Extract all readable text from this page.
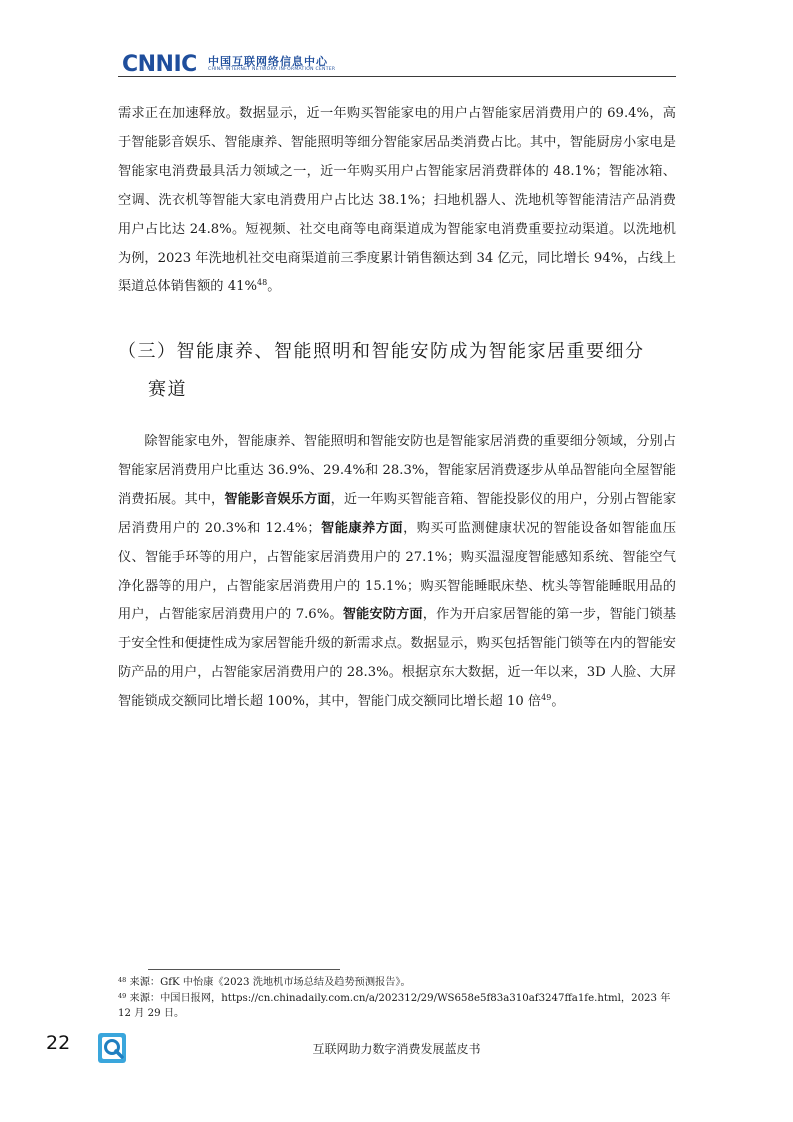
CNNIC 中国互联网络信息中心
CHINA INTERNET NETWORK INFORMATION CENTER

需求正在加速释放。数据显示，近一年购买智能家电的用户占智能家居消费用户的 69.4%，高于智能影音娱乐、智能康养、智能照明等细分智能家居品类消费占比。其中，智能厨房小家电是智能家电消费最具活力领域之一，近一年购买用户占智能家居消费群体的 48.1%；智能冰箱、空调、洗衣机等智能大家电消费用户占比达 38.1%；扫地机器人、洗地机等智能清洁产品消费用户占比达 24.8%。短视频、社交电商等电商渠道成为智能家电消费重要拉动渠道。以洗地机为例，2023 年洗地机社交电商渠道前三季度累计销售额达到 34 亿元，同比增长 94%，占线上渠道总体销售额的 41%$^{48}$。

（三）智能康养、智能照明和智能安防成为智能家居重要细分
赛道

除智能家电外，智能康养、智能照明和智能安防也是智能家居消费的重要细分领域，分别占智能家居消费用户比重达 36.9%、29.4%和 28.3%，智能家居消费逐步从单品智能向全屋智能消费拓展。其中，智能影音娱乐方面，近一年购买智能音箱、智能投影仪的用户，分别占智能家居消费用户的 20.3%和 12.4%；智能康养方面，购买可监测健康状况的智能设备如智能血压仪、智能手环等的用户，占智能家居消费用户的 27.1%；购买温湿度智能感知系统、智能空气净化器等的用户，占智能家居消费用户的 15.1%；购买智能睡眠床垫、枕头等智能睡眠用品的用户，占智能家居消费用户的 7.6%。智能安防方面，作为开启家居智能的第一步，智能门锁基于安全性和便捷性成为家居智能升级的新需求点。数据显示，购买包括智能门锁等在内的智能安防产品的用户，占智能家居消费用户的 28.3%。根据京东大数据，近一年以来，3D 人脸、大屏智能锁成交额同比增长超 100%，其中，智能门成交额同比增长超 10 倍$^{49}$。

$^{48}$ 来源：GfK 中怡康《2023 洗地机市场总结及趋势预测报告》。

$^{49}$ 来源：中国日报网，https://cn.chinadaily.com.cn/a/202312/29/WS658e5f83a310af3247ffa1fe.html，2023 年 12 月 29 日。

22	互联网助力数字消费发展蓝皮书
